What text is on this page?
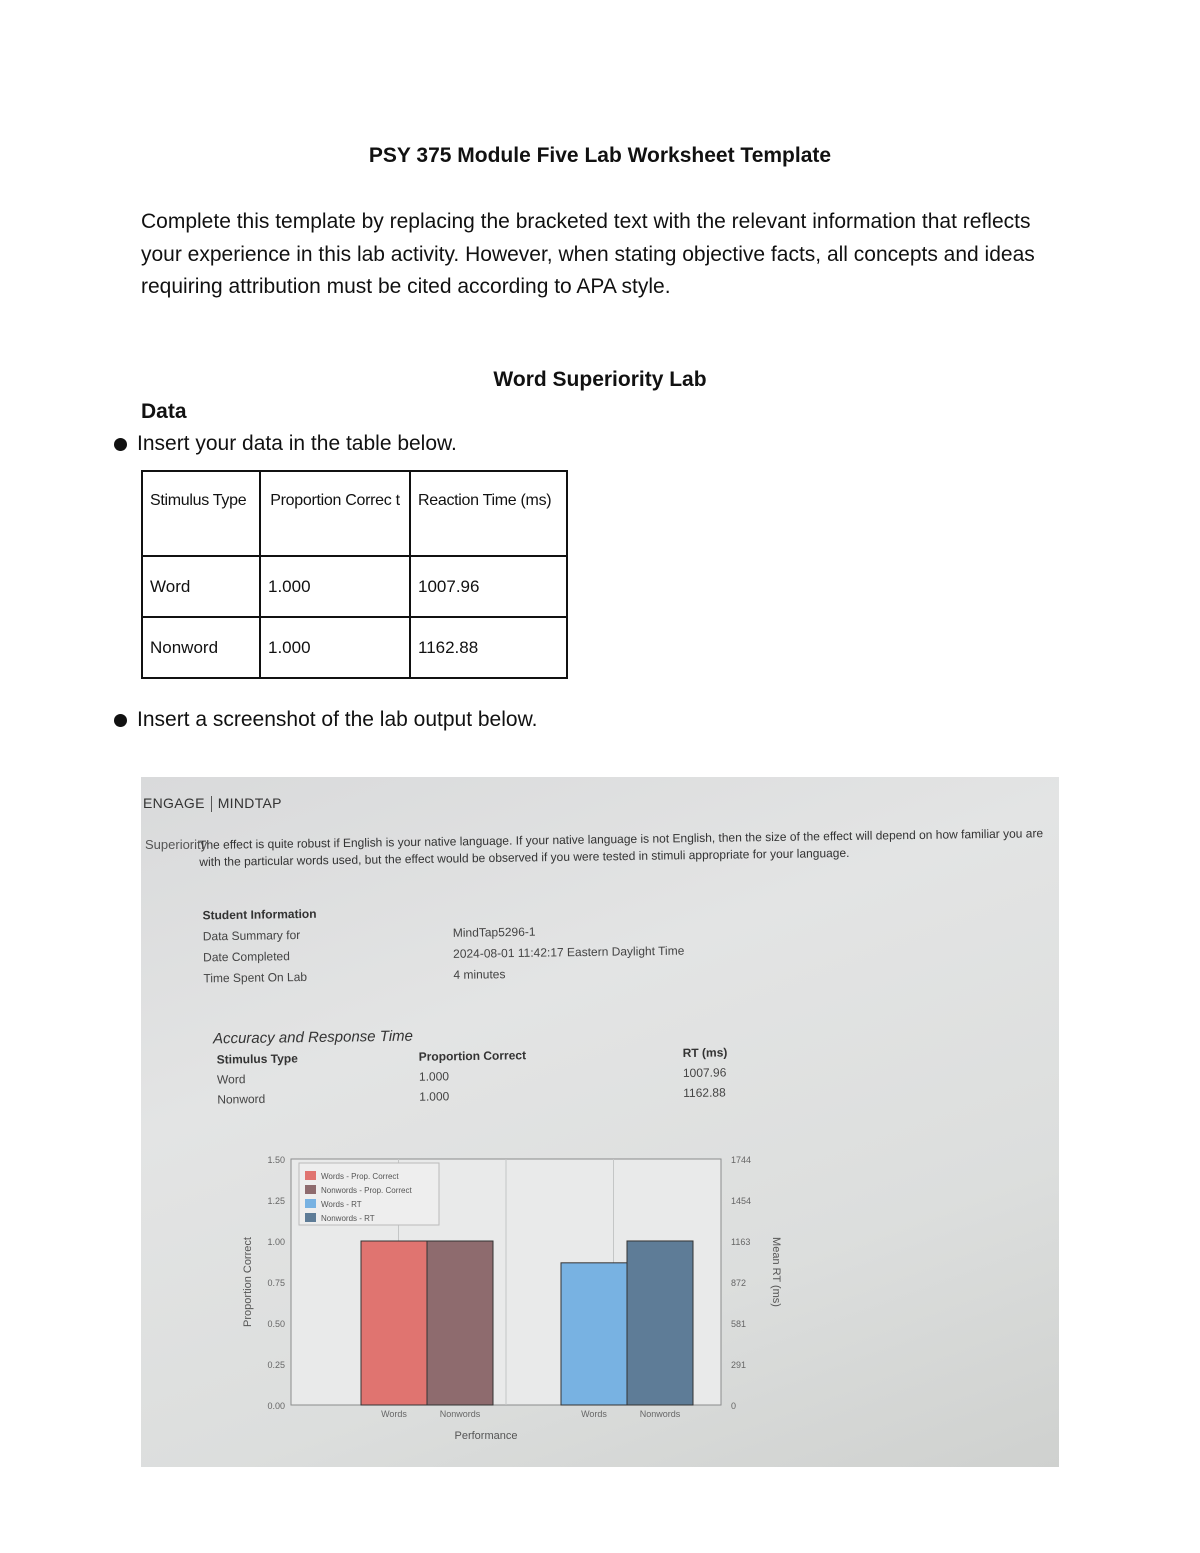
PSY 375 Module Five Lab Worksheet Template
Complete this template by replacing the bracketed text with the relevant information that reflects your experience in this lab activity. However, when stating objective facts, all concepts and ideas requiring attribution must be cited according to APA style.
Word Superiority Lab
Data
Insert your data in the table below.
Stimulus Type	Proportion Correc t	Reaction Time (ms)
Word	1.000	1007.96
Nonword	1.000	1162.88
Insert a screenshot of the lab output below.
ENGAGE MINDTAP
Superiority
The effect is quite robust if English is your native language. If your native language is not English, then the size of the effect will depend on how familiar you are with the particular words used, but the effect would be observed if you were tested in stimuli appropriate for your language.
Student Information
Data Summary for	MindTap5296-1
Date Completed	2024-08-01 11:42:17 Eastern Daylight Time
Time Spent On Lab	4 minutes
Accuracy and Response Time
Stimulus Type	Proportion Correct	RT (ms)
Word	1.000	1007.96
Nonword	1.000	1162.88
0.00
0.25
0.50
0.75
1.00
1.25
1.50
0
291
581
872
1163
1454
1744
Words	Nonwords	Words	Nonwords
Words - Prop. Correct
Nonwords - Prop. Correct
Words - RT
Nonwords - RT
Performance
Proportion Correct	Mean RT (ms)
